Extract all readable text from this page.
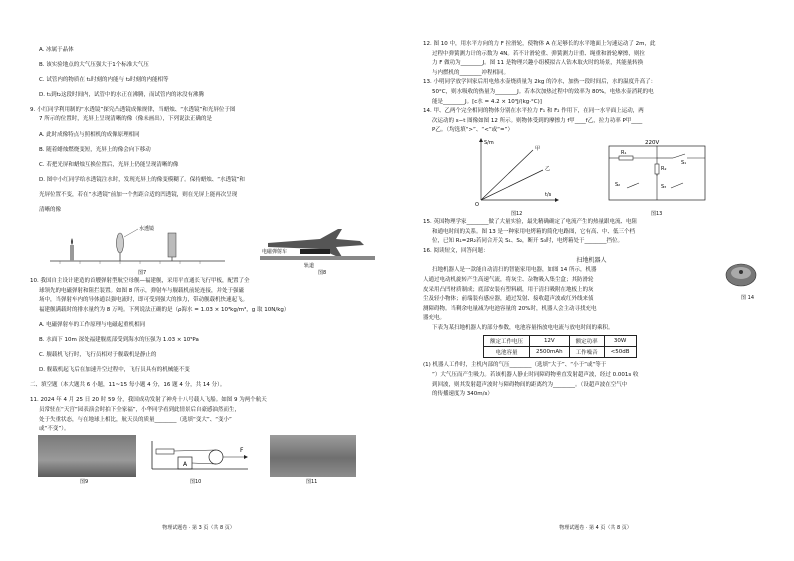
A. 冰属于晶体

B. 该实验地点的大气压强大于1个标准大气压

C. 试管内的物质在 t₁时刻的内能与 t₂时刻的内能相等

D. t₁到t₂这段时间内，试管中的水正在沸腾，而试管内的冰没有沸腾

9. 小红同学利用制的“水透镜”探究凸透镜成像规律，当蜡烛、“水透镜”和光屏位于图

7 所示的位置时，光屏上呈现清晰的像（像未画出），下列说法正确的是

A. 此时成像特点与照相机的成像原理相同

B. 随着蜡烛燃烧变短，光屏上的像会向下移动

C. 若把光屏和蜡烛互换位置后，光屏上仍能呈现清晰的像

D. 图中小红同学给水透镜注水时，发现光屏上的像变模糊了。保持蜡烛、“水透镜”和

光屏位置不变，若在“水透镜”前加一个焦距合适的凹透镜，则在光屏上能再次呈现

清晰的像

水透镜
图7
电磁弹射车
轨道
图8

10. 我国自主设计建造的首艘弹射型航空母舰—福建舰，采用平直通长飞行甲板，配置了全

球领先的电磁弹射和阻拦装置。如图 8 所示，弹射车与舰载机前轮连接，并处于强磁

场中，当弹射车内的导体通以强电流时，即可受到强大的推力，带动舰载机快速起飞。

福建舰满载时的排水量约为 8 万吨。下列说法正确的是（ρ海水 = 1.03 × 10³kg/m³，g 取 10N/kg）

A. 电磁弹射车的工作原理与电磁起重机相同

B. 水面下 10m 深处福建舰底部受到海水的压强为 1.03 × 10⁵Pa

C. 舰载机飞行时，飞行员相对于舰载机是静止的

D. 舰载机起飞后在加速升空过程中，飞行员具有的机械能不变

二、填空题（本大题共 6 小题，11~15 每小题 4 分，16 题 4 分，共 14 分）。

11. 2024 年 4 月 25 日 20 时 59 分，我国成功发射了神舟十八号载人飞船。如图 9 为两个航天

员常驻在“天宫”园表演会时拍下全家福”，小华同学看到此情景后自豪感油然而生，

处于失重状态，与在地球上相比，航天员的质量________（选填“变大”、“变小”

或“不变”）。

图9
A
F
图10	图11
物理试题卷 · 第 3 页（共 8 页）

12. 图 10 中，用水平方向的力 F 拉滑轮，使物体 A 在足够长的水平地面上匀速运动了 2m，此

过程中弹簧测力计的示数为 4N。若不计滑轮重、弹簧测力计重、绳重和滑轮摩擦，则拉

力 F 做功为________J。图 11 是物理兴趣小组模拟古人钻木取火时的场景，其能量转换

与内燃机的________冲程相同。

13. 小明同学放学回家后用电热水壶烧质量为 2kg 的冷水，加热一段时间后，水的温度升高了：

50°C，则水吸收的热量为________J。若本次加热过程中的效率为 80%，电热水壶消耗的电

能是________J。[c水 = 4.2 × 10³J/(kg·°C)]

14. 甲、乙两个完全相同的物体分别在水平拉力 F₁ 和 F₂ 作用下，在同一水平面上运动，两

次运动的 s−t 图像如图 12 所示。则物体受到的摩擦力 f甲____f乙，拉力功率 P甲____

P乙。（均选填“>”、“<”或“=”）

S/m
t/s
O
甲
乙
图12
220V
R₁
R₂
S₁
S₂	S₃
图13

15. 英国物理学家________做了大量实验，最先精确确定了电流产生的热量跟电流、电阻

和通电时间的关系。图 13 是一种家用电烤箱的简化电路图，它有高、中、低三个档

位，已知 R₁=2R₂若同合开关 S₁、S₂，断开 S₃时，电烤箱处于________挡位。

16. 阅读短文，回答问题：

扫地机器人

扫地机器人是一款能自动清扫的智能家用电器，如图 14 所示，机器

人通过电动机旋转产生高速气流，将灰尘、杂物吸入集尘盒；其防滑轮

皮采用凸凹材质制成；底部安装有塑料刷，用于清扫吸附在地板上的灰

尘及轻小物体；前端装有感应器，通过发射、接收超声波或红外线来侦

测障碍物。当剩余电量减为电池容量的 20%时，机器人会主动寻找充电

器充电。

图 14

下表为某扫地机器人的部分参数，电池容量指放电电流与放电时间的乘积。

额定工作电压	12V	额定功率	30W
电池容量	2500mAh	工作噪音	<50dB

(1) 机器人工作时，主机内部的气压________（选填“大于”、“小于”或“等于

”）大气压而产生吸力。若该机器人静止时同障碍物垂直发射超声波，经过 0.001s 收

到回波，则其发射超声波时与障碍物间的距离约为________。（设超声波在空气中

的传播速度为 340m/s）

物理试题卷 · 第 4 页（共 8 页）
